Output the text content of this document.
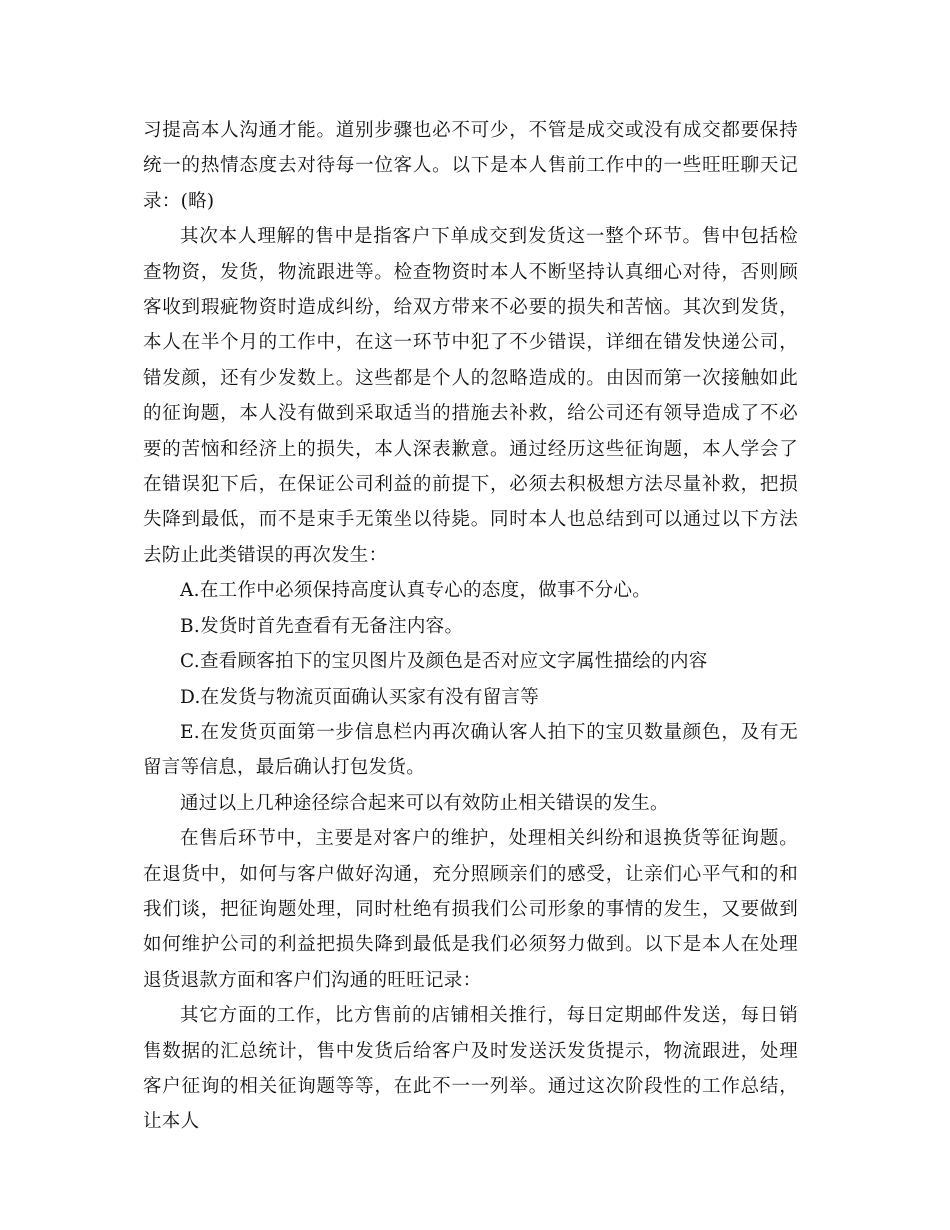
习提高本人沟通才能。道别步骤也必不可少，不管是成交或没有成交都要保持统一的热情态度去对待每一位客人。以下是本人售前工作中的一些旺旺聊天记录：(略)

其次本人理解的售中是指客户下单成交到发货这一整个环节。售中包括检查物资，发货，物流跟进等。检查物资时本人不断坚持认真细心对待，否则顾客收到瑕疵物资时造成纠纷，给双方带来不必要的损失和苦恼。其次到发货，本人在半个月的工作中，在这一环节中犯了不少错误，详细在错发快递公司，错发颜，还有少发数上。这些都是个人的忽略造成的。由因而第一次接触如此的征询题，本人没有做到采取适当的措施去补救，给公司还有领导造成了不必要的苦恼和经济上的损失，本人深表歉意。通过经历这些征询题，本人学会了在错误犯下后，在保证公司利益的前提下，必须去积极想方法尽量补救，把损失降到最低，而不是束手无策坐以待毙。同时本人也总结到可以通过以下方法去防止此类错误的再次发生：

A.在工作中必须保持高度认真专心的态度，做事不分心。

B.发货时首先查看有无备注内容。

C.查看顾客拍下的宝贝图片及颜色是否对应文字属性描绘的内容

D.在发货与物流页面确认买家有没有留言等

E.在发货页面第一步信息栏内再次确认客人拍下的宝贝数量颜色，及有无留言等信息，最后确认打包发货。

通过以上几种途径综合起来可以有效防止相关错误的发生。

在售后环节中，主要是对客户的维护，处理相关纠纷和退换货等征询题。在退货中，如何与客户做好沟通，充分照顾亲们的感受，让亲们心平气和的和我们谈，把征询题处理，同时杜绝有损我们公司形象的事情的发生，又要做到如何维护公司的利益把损失降到最低是我们必须努力做到。以下是本人在处理退货退款方面和客户们沟通的旺旺记录：

其它方面的工作，比方售前的店铺相关推行，每日定期邮件发送，每日销售数据的汇总统计，售中发货后给客户及时发送沃发货提示，物流跟进，处理客户征询的相关征询题等等，在此不一一列举。通过这次阶段性的工作总结，让本人
